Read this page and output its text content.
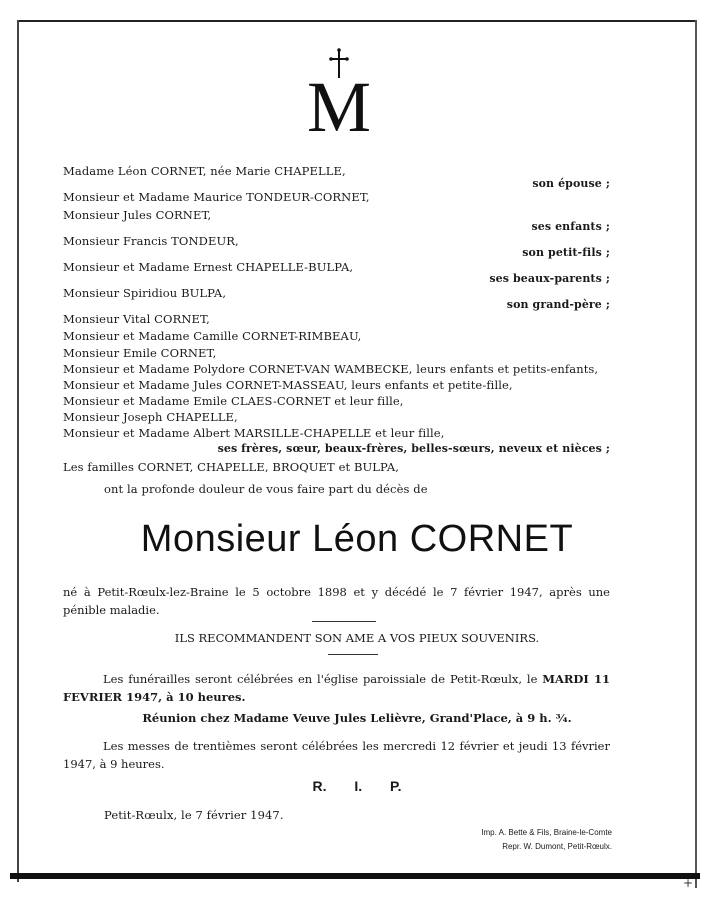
+
M
Madame Léon CORNET, née Marie CHAPELLE,
Monsieur et Madame Maurice TONDEUR-CORNET,
Monsieur Jules CORNET,
Monsieur Francis TONDEUR,
Monsieur et Madame Ernest CHAPELLE-BULPA,
Monsieur Spiridiou BULPA,
Monsieur Vital CORNET,
Monsieur et Madame Camille CORNET-RIMBEAU,
Monsieur Emile CORNET,
Monsieur et Madame Polydore CORNET-VAN WAMBECKE, leurs enfants et petits-enfants,
Monsieur et Madame Jules CORNET-MASSEAU, leurs enfants et petite-fille,
Monsieur et Madame Emile CLAES-CORNET et leur fille,
Monsieur Joseph CHAPELLE,
Monsieur et Madame Albert MARSILLE-CHAPELLE et leur fille,
Les familles CORNET, CHAPELLE, BROQUET et BULPA,
son épouse ;
ses enfants ;
son petit-fils ;
ses beaux-parents ;
son grand-père ;
ses frères, sœur, beaux-frères, belles-sœurs, neveux et nièces ;
ont la profonde douleur de vous faire part du décès de
Monsieur Léon CORNET
né à Petit-Rœulx-lez-Braine le 5 octobre 1898 et y décédé le 7 février 1947, après une pénible maladie.
ILS RECOMMANDENT SON AME A VOS PIEUX SOUVENIRS.
Les funérailles seront célébrées en l'église paroissiale de Petit-Rœulx, le MARDI 11 FEVRIER 1947, à 10 heures.
Réunion chez Madame Veuve Jules Lelièvre, Grand'Place, à 9 h. ¾.
Les messes de trentièmes seront célébrées les mercredi 12 février et jeudi 13 février 1947, à 9 heures.
R. I. P.
Petit-Rœulx, le 7 février 1947.
Imp. A. Bette & Fils, Braine-le-Comte
Repr. W. Dumont, Petit-Rœulx.
